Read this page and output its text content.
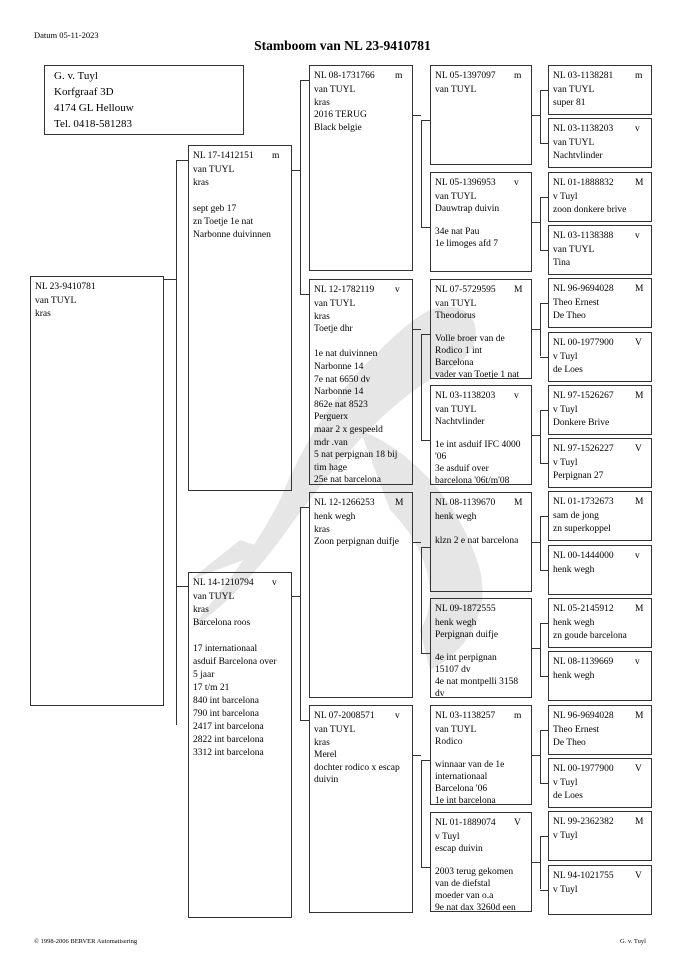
Datum 05-11-2023
Stamboom van NL 23-9410781
G. v. Tuyl
Korfgraaf 3D
4174 GL Hellouw
Tel. 0418-581283
NL 23-9410781
van TUYL
kras
NL 17-1412151 m
van TUYL
kras
sept geb 17
zn Toetje 1e nat
Narbonne duivinnen
NL 14-1210794 v
van TUYL
kras
Barcelona roos
17 internationaal
asduif Barcelona over
5 jaar
17 t/m 21
840 int barcelona
790 int barcelona
2417 int barcelona
2822 int barcelona
3312 int barcelona
NL 08-1731766 m
van TUYL
kras
2016 TERUG
Black belgie
NL 12-1782119 v
van TUYL
kras
Toetje dhr
1e nat duivinnen
Narbonne 14
7e nat 6650 dv
Narbonne 14
862e nat 8523
Perguerx
maar 2 x gespeeld
mdr .van
5 nat perpignan 18 bij
tim hage
25e nat barcelona
NL 12-1266253 M
henk wegh
kras
Zoon perpignan duifje
NL 07-2008571 v
van TUYL
kras
Merel
dochter rodico x escap
duivin
NL 05-1397097 m
van TUYL
NL 05-1396953 v
van TUYL
Dauwtrap duivin
34e nat Pau
1e limoges afd 7
NL 07-5729595 M
van TUYL
Theodorus
Volle broer van de
Rodico 1 int
Barcelona
vader van Toetje 1 nat
NL 03-1138203 v
van TUYL
Nachtvlinder
1e int asduif IFC 4000
'06
3e asduif over
barcelona '06t/m'08
NL 08-1139670 M
henk wegh
klzn 2 e nat barcelona
NL 09-1872555
henk wegh
Perpignan duifje
4e int perpignan
15107 dv
4e nat montpelli 3158
dv
NL 03-1138257 m
van TUYL
Rodico
winnaar van de 1e
internationaal
Barcelona '06
1e int barcelona
NL 01-1889074 V
v Tuyl
escap duivin
2003 terug gekomen
van de diefstal
moeder van o.a
9e nat dax 3260d een
NL 03-1138281 m
van TUYL
super 81
NL 03-1138203 v
van TUYL
Nachtvlinder
NL 01-1888832 M
v Tuyl
zoon donkere brive
NL 03-1138388 v
van TUYL
Tina
NL 96-9694028 M
Theo Ernest
De Theo
NL 00-1977900 V
v Tuyl
de Loes
NL 97-1526267 M
v Tuyl
Donkere Brive
NL 97-1526227 V
v Tuyl
Perpignan 27
NL 01-1732673 M
sam de jong
zn superkoppel
NL 00-1444000 v
henk wegh
NL 05-2145912 M
henk wegh
zn goude barcelona
NL 08-1139669 v
henk wegh
NL 96-9694028 M
Theo Ernest
De Theo
NL 00-1977900 V
v Tuyl
de Loes
NL 99-2362382 M
v Tuyl
NL 94-1021755 V
v Tuyl
© 1998-2006 BERVER Automatisering	G. v. Tuyl
